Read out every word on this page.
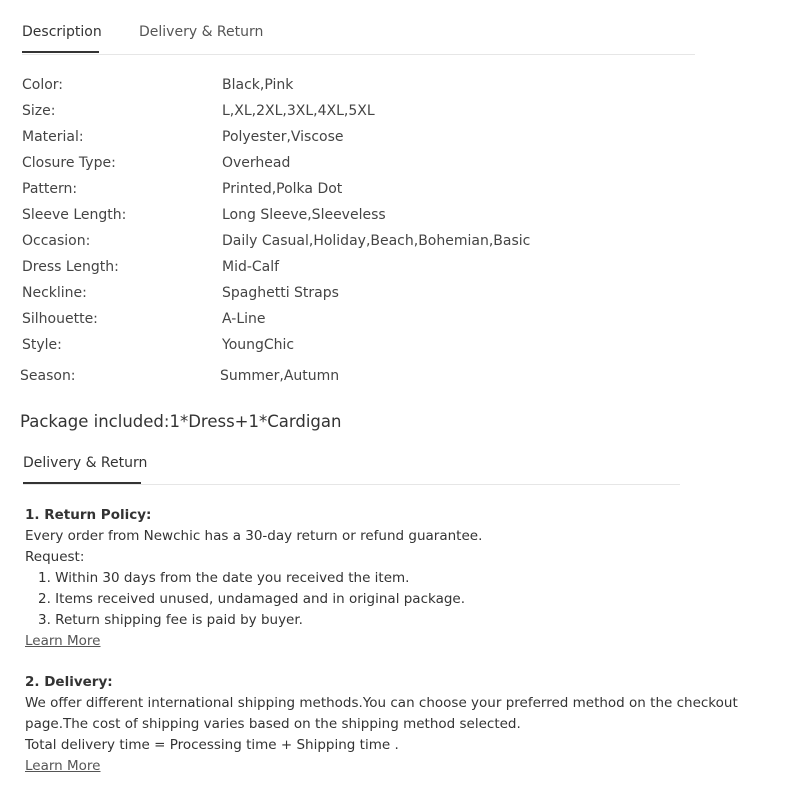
Description	Delivery & Return
Color:	Black,Pink
Size:	L,XL,2XL,3XL,4XL,5XL
Material:	Polyester,Viscose
Closure Type:	Overhead
Pattern:	Printed,Polka Dot
Sleeve Length:	Long Sleeve,Sleeveless
Occasion:	Daily Casual,Holiday,Beach,Bohemian,Basic
Dress Length:	Mid-Calf
Neckline:	Spaghetti Straps
Silhouette:	A-Line
Style:	YoungChic
Season:	Summer,Autumn
Package included:1*Dress+1*Cardigan
Delivery & Return
1. Return Policy:
Every order from Newchic has a 30-day return or refund guarantee.
Request:
1. Within 30 days from the date you received the item.
2. Items received unused, undamaged and in original package.
3. Return shipping fee is paid by buyer.
Learn More
2. Delivery:
We offer different international shipping methods.You can choose your preferred method on the checkout page.The cost of shipping varies based on the shipping method selected.
Total delivery time = Processing time + Shipping time .
Learn More
